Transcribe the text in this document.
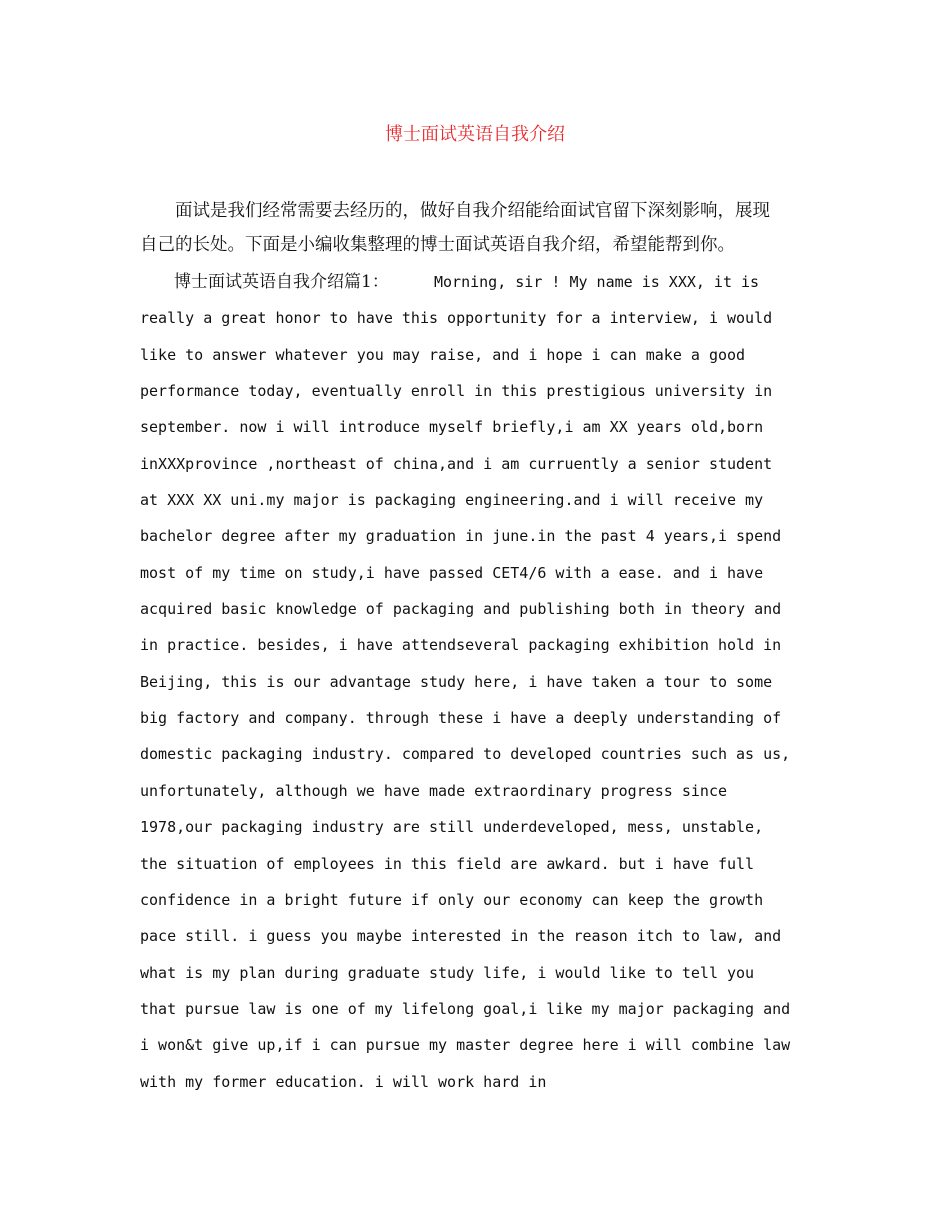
博士面试英语自我介绍
　　面试是我们经常需要去经历的，做好自我介绍能给面试官留下深刻影响，展现
自己的长处。下面是小编收集整理的博士面试英语自我介绍，希望能帮到你。
　　博士面试英语自我介绍篇1：     Morning, sir ! My name is XXX, it is
really a great honor to have this opportunity for a interview, i would
like to answer whatever you may raise, and i hope i can make a good
performance today, eventually enroll in this prestigious university in
september. now i will introduce myself briefly,i am XX years old,born
inXXXprovince ,northeast of china,and i am curruently a senior student
at XXX XX uni.my major is packaging engineering.and i will receive my
bachelor degree after my graduation in june.in the past 4 years,i spend
most of my time on study,i have passed CET4/6 with a ease. and i have
acquired basic knowledge of packaging and publishing both in theory and
in practice. besides, i have attendseveral packaging exhibition hold in
Beijing, this is our advantage study here, i have taken a tour to some
big factory and company. through these i have a deeply understanding of
domestic packaging industry. compared to developed countries such as us,
unfortunately, although we have made extraordinary progress since
1978,our packaging industry are still underdeveloped, mess, unstable,
the situation of employees in this field are awkard. but i have full
confidence in a bright future if only our economy can keep the growth
pace still. i guess you maybe interested in the reason itch to law, and
what is my plan during graduate study life, i would like to tell you
that pursue law is one of my lifelong goal,i like my major packaging and
i won&t give up,if i can pursue my master degree here i will combine law
with my former education. i will work hard in
